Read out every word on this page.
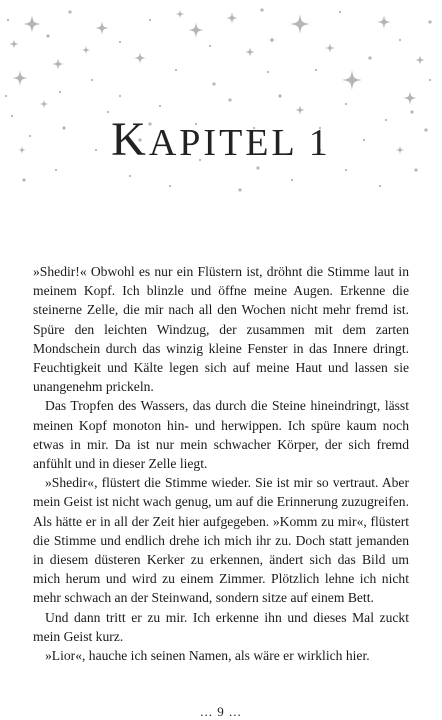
KAPITEL 1

»Shedir!« Obwohl es nur ein Flüstern ist, dröhnt die Stimme laut in meinem Kopf. Ich blinzle und öffne meine Augen. Erkenne die steinerne Zelle, die mir nach all den Wochen nicht mehr fremd ist. Spüre den leichten Windzug, der zusammen mit dem zarten Mondschein durch das winzig kleine Fenster in das Innere dringt. Feuchtigkeit und Kälte legen sich auf meine Haut und lassen sie unangenehm prickeln.

Das Tropfen des Wassers, das durch die Steine hineindringt, lässt meinen Kopf monoton hin- und herwippen. Ich spüre kaum noch etwas in mir. Da ist nur mein schwacher Körper, der sich fremd anfühlt und in dieser Zelle liegt.

»Shedir«, flüstert die Stimme wieder. Sie ist mir so vertraut. Aber mein Geist ist nicht wach genug, um auf die Erinnerung zuzugreifen. Als hätte er in all der Zeit hier aufgegeben. »Komm zu mir«, flüstert die Stimme und endlich drehe ich mich ihr zu. Doch statt jemanden in diesem düsteren Kerker zu erkennen, ändert sich das Bild um mich herum und wird zu einem Zimmer. Plötzlich lehne ich nicht mehr schwach an der Steinwand, sondern sitze auf einem Bett.

Und dann tritt er zu mir. Ich erkenne ihn und dieses Mal zuckt mein Geist kurz.

»Lior«, hauche ich seinen Namen, als wäre er wirklich hier.

... 9 ...
